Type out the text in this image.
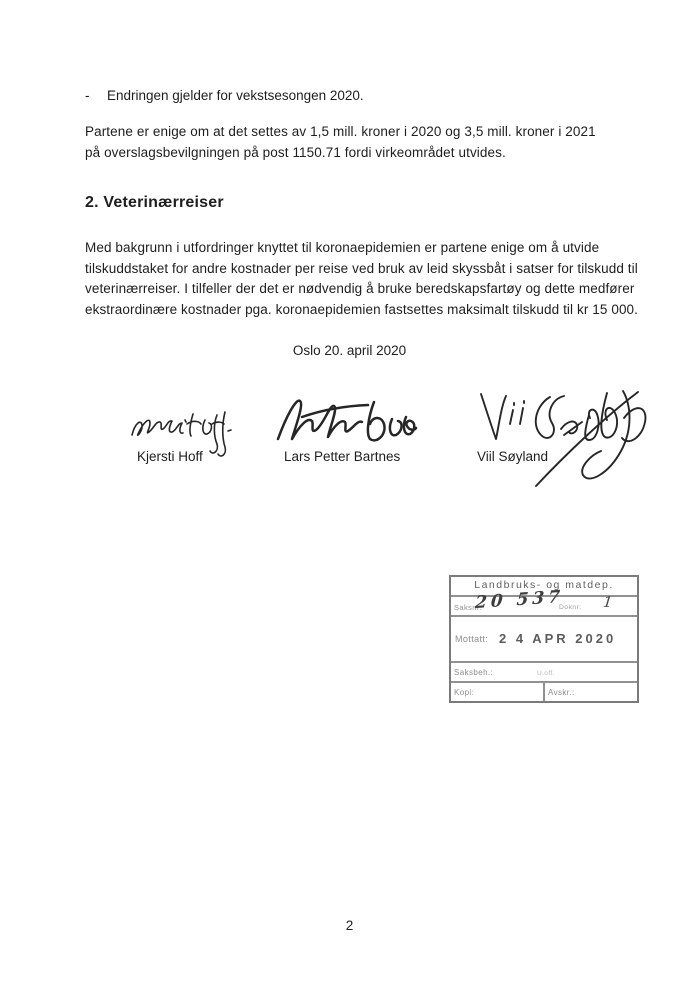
-	Endringen gjelder for vekstsesongen 2020.
Partene er enige om at det settes av 1,5 mill. kroner i 2020 og 3,5 mill. kroner i 2021
på overslagsbevilgningen på post 1150.71 fordi virkeområdet utvides.
2. Veterinærreiser
Med bakgrunn i utfordringer knyttet til koronaepidemien er partene enige om å utvide
tilskuddstaket for andre kostnader per reise ved bruk av leid skyssbåt i satser for tilskudd til
veterinærreiser. I tilfeller der det er nødvendig å bruke beredskapsfartøy og dette medfører
ekstraordinære kostnader pga. koronaepidemien fastsettes maksimalt tilskudd til kr 15 000.
Oslo 20. april 2020
Kjersti Hoff	Lars Petter Bartnes	Viil Søyland
Landbruks- og matdep.
Saksnr:
20 537
Doknr: 1
Mottatt: 2 4 APR 2020
Saksbeh.:	U.off.
Kopi:	Avskr.:
2
